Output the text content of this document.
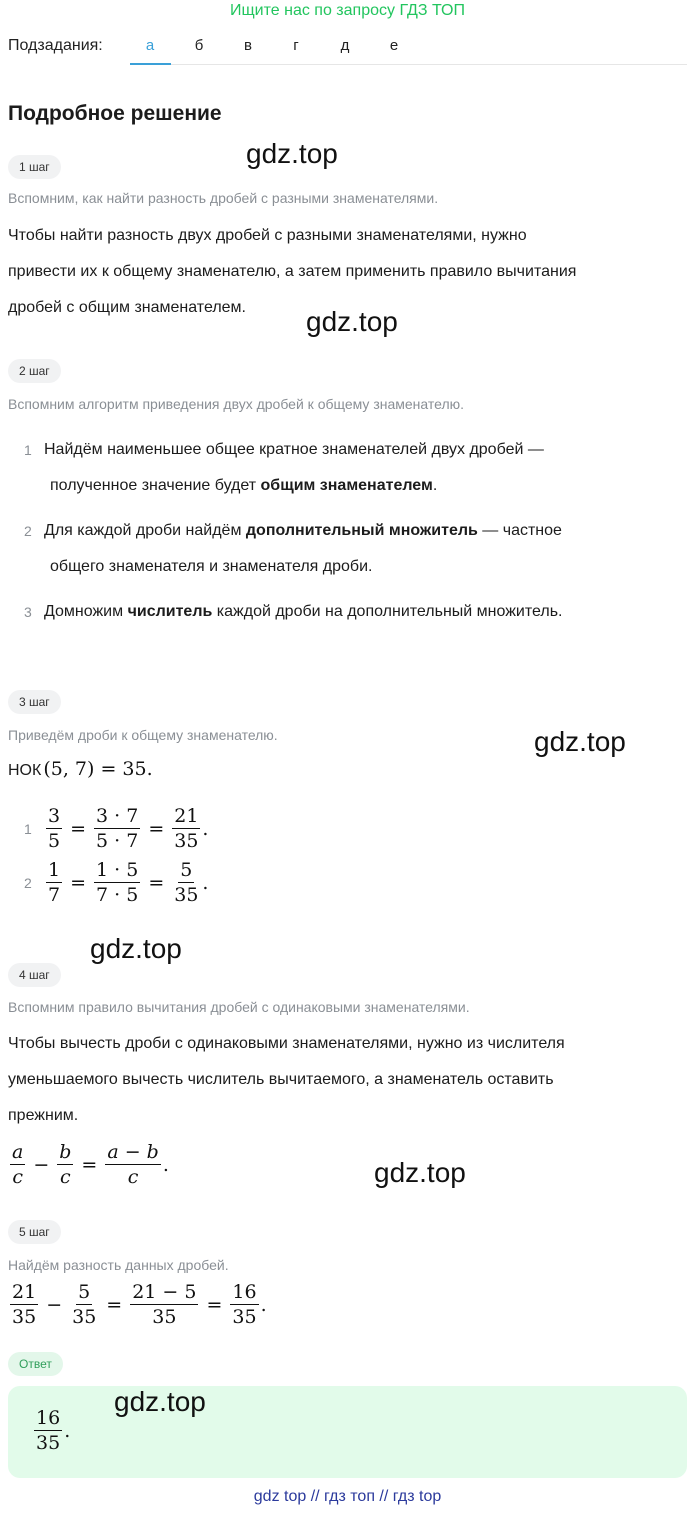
Ищите нас по запросу ГДЗ ТОП
Подзадания:	а	б	в	г	д	е
Подробное решение
1 шаг	gdz.top
Вспомним, как найти разность дробей с разными знаменателями.
Чтобы найти разность двух дробей с разными знаменателями, нужно
привести их к общему знаменателю, а затем применить правило вычитания
дробей с общим знаменателем.	gdz.top
2 шаг
Вспомним алгоритм приведения двух дробей к общему знаменателю.
1 Найдём наименьшее общее кратное знаменателей двух дробей —
полученное значение будет общим знаменателем.
2 Для каждой дроби найдём дополнительный множитель — частное
общего знаменателя и знаменателя дроби.
3 Домножим числитель каждой дроби на дополнительный множитель.
3 шаг
Приведём дроби к общему знаменателю.	gdz.top
НОК (5, 7) = 35.
$1 \frac{3}{5} = \frac{3 \cdot 7}{5 \cdot 7} = \frac{21}{35}$ .
$2 \frac{1}{7} = \frac{1 \cdot 5}{7 \cdot 5} = \frac{5}{35}$ .
gdz.top
4 шаг
Вспомним правило вычитания дробей с одинаковыми знаменателями.
Чтобы вычесть дроби с одинаковыми знаменателями, нужно из числителя
уменьшаемого вычесть числитель вычитаемого, а знаменатель оставить
прежним.
$\frac{a}{c} - \frac{b}{c} = \frac{a - b}{c}$ .	gdz.top
5 шаг
Найдём разность данных дробей.
$\frac{21}{35} - \frac{5}{35} = \frac{21 - 5}{35} = \frac{16}{35}$ .
Ответ
$\frac{16}{35}$ .
gdz.top
gdz top // гдз топ // гдз top
